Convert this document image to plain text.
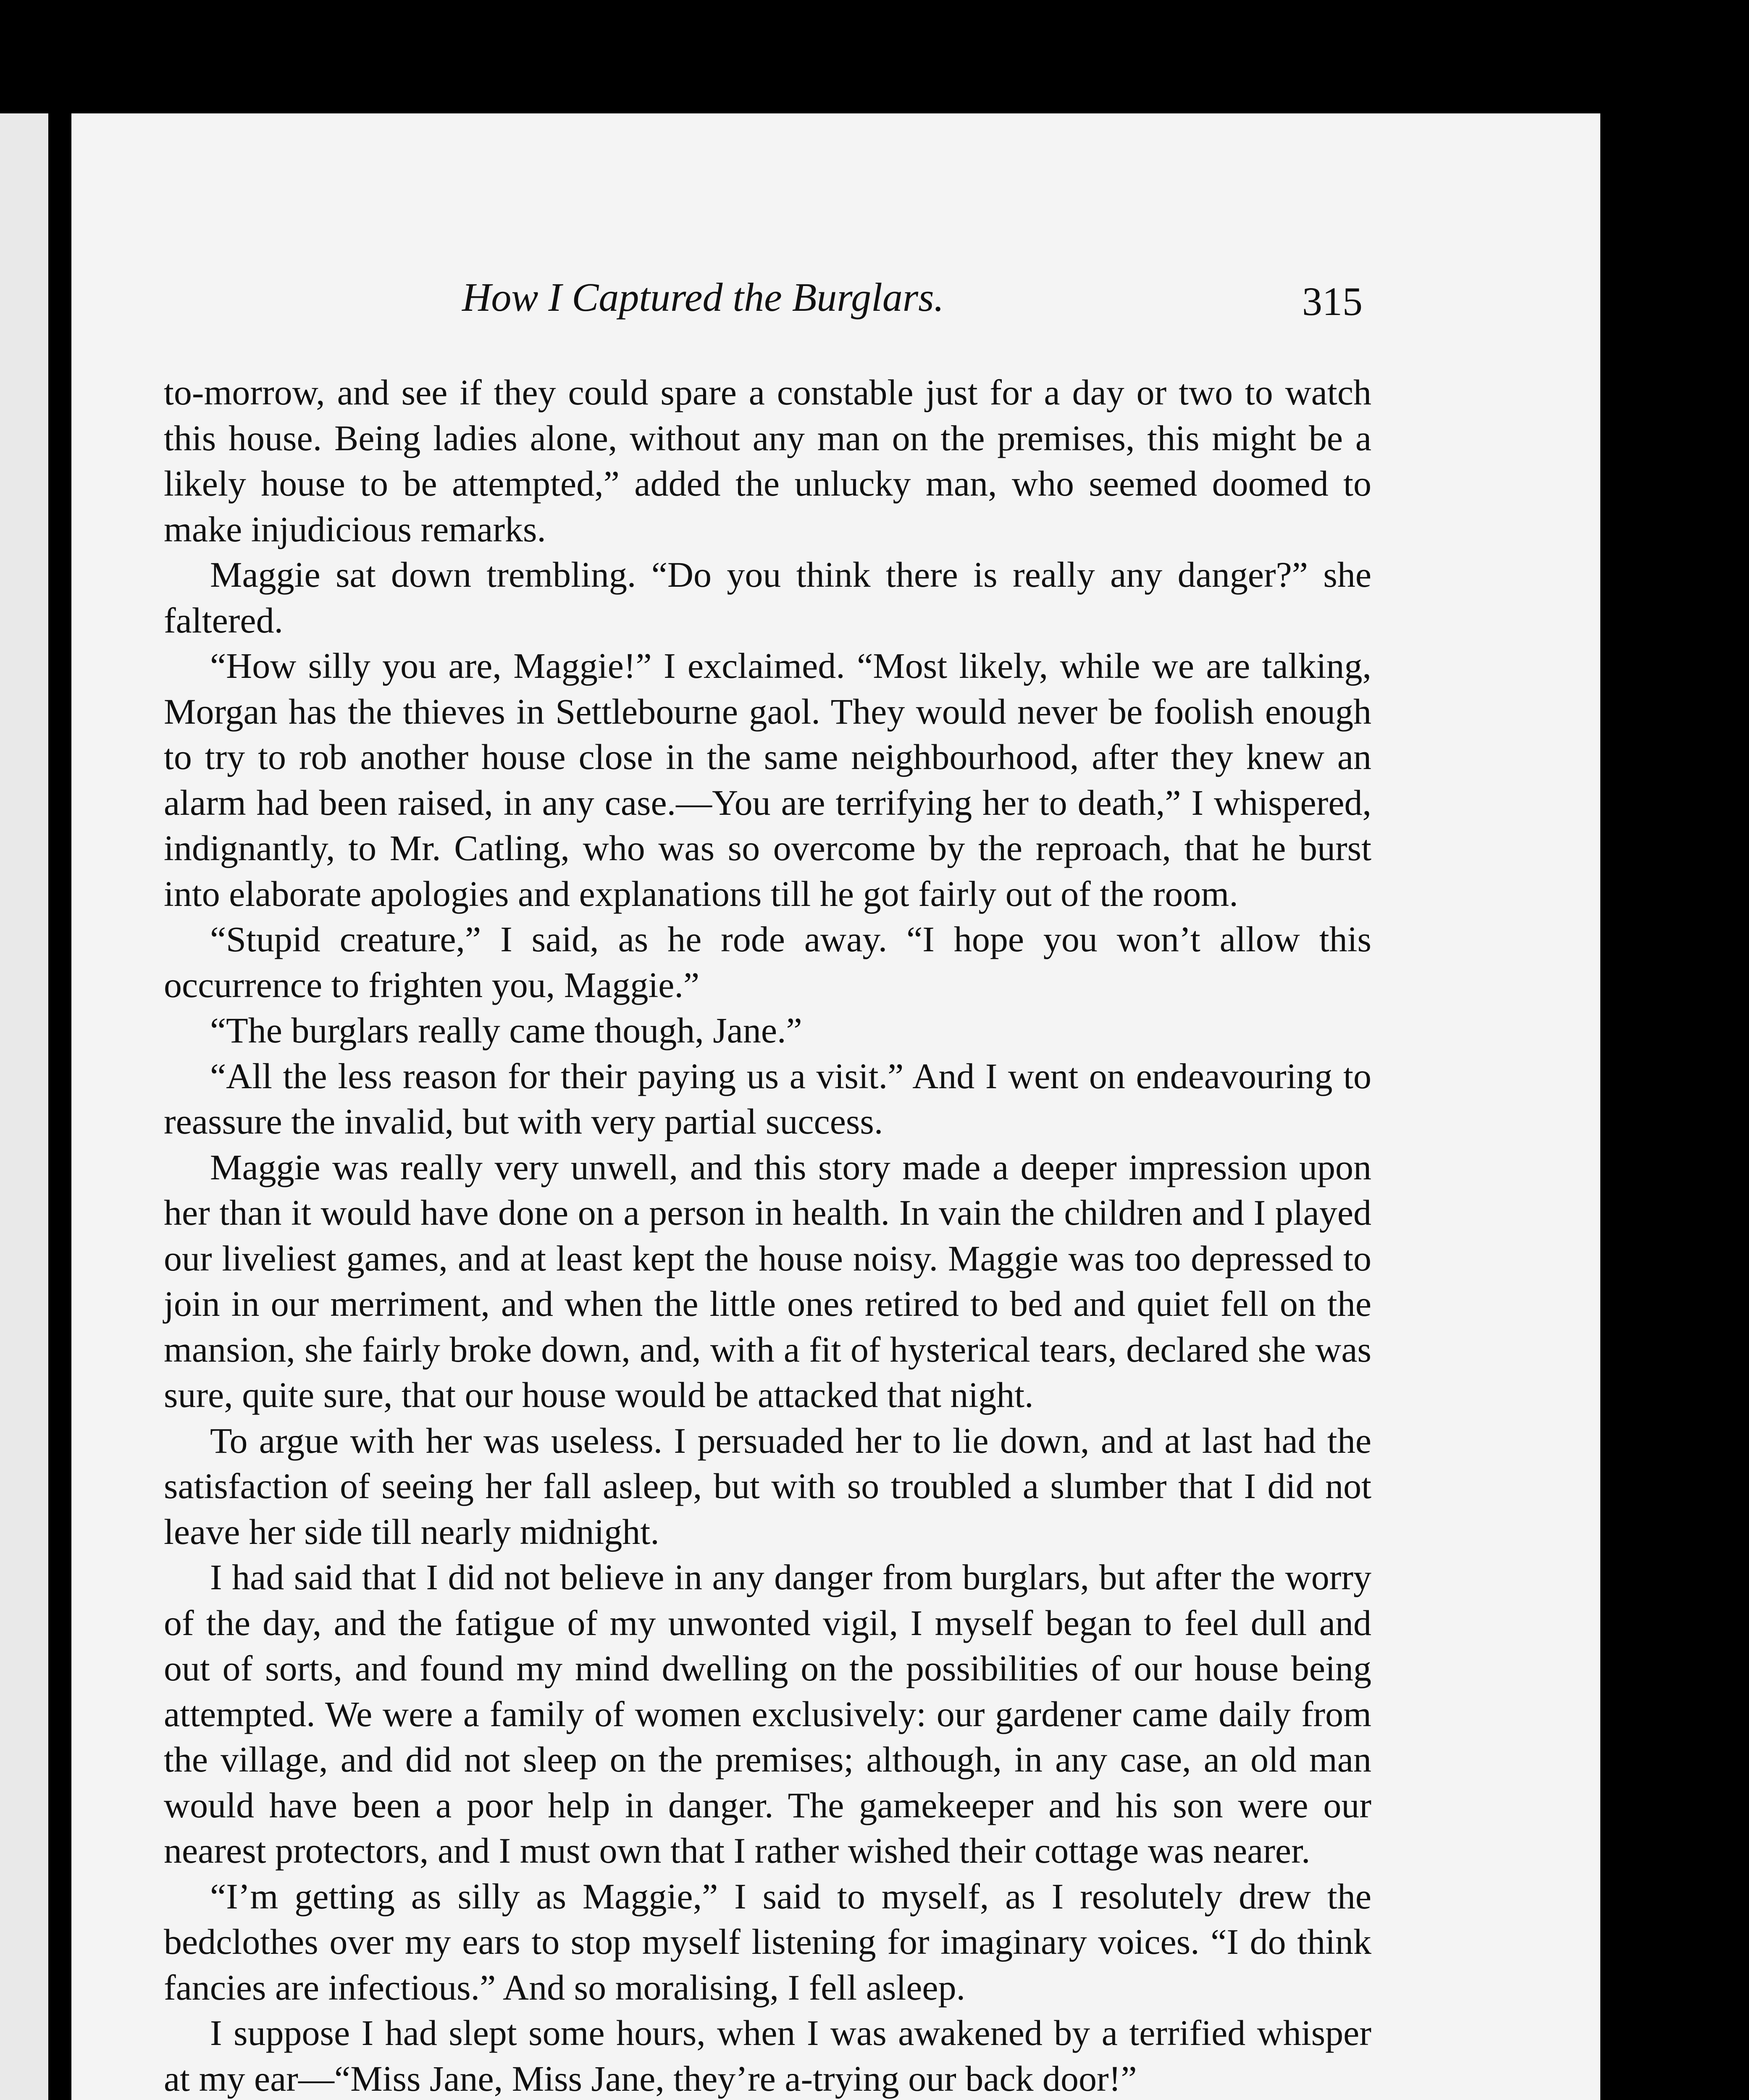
How I Captured the Burglars.	315

to-morrow, and see if they could spare a constable just for a day or two to watch this house. Being ladies alone, without any man on the premises, this might be a likely house to be attempted,” added the unlucky man, who seemed doomed to make injudicious remarks.

Maggie sat down trembling. “Do you think there is really any danger?” she faltered.

“How silly you are, Maggie!” I exclaimed. “Most likely, while we are talking, Morgan has the thieves in Settlebourne gaol. They would never be foolish enough to try to rob another house close in the same neighbourhood, after they knew an alarm had been raised, in any case.—You are terrifying her to death,” I whispered, indignantly, to Mr. Catling, who was so overcome by the reproach, that he burst into elaborate apologies and explanations till he got fairly out of the room.

“Stupid creature,” I said, as he rode away. “I hope you won’t allow this occurrence to frighten you, Maggie.”

“The burglars really came though, Jane.”

“All the less reason for their paying us a visit.” And I went on endeavouring to reassure the invalid, but with very partial success.

Maggie was really very unwell, and this story made a deeper impression upon her than it would have done on a person in health. In vain the children and I played our liveliest games, and at least kept the house noisy. Maggie was too depressed to join in our merriment, and when the little ones retired to bed and quiet fell on the mansion, she fairly broke down, and, with a fit of hysterical tears, declared she was sure, quite sure, that our house would be attacked that night.

To argue with her was useless. I persuaded her to lie down, and at last had the satisfaction of seeing her fall asleep, but with so troubled a slumber that I did not leave her side till nearly midnight.

I had said that I did not believe in any danger from burglars, but after the worry of the day, and the fatigue of my unwonted vigil, I myself began to feel dull and out of sorts, and found my mind dwelling on the possibilities of our house being attempted. We were a family of women exclusively: our gardener came daily from the village, and did not sleep on the premises; although, in any case, an old man would have been a poor help in danger. The gamekeeper and his son were our nearest protectors, and I must own that I rather wished their cottage was nearer.

“I’m getting as silly as Maggie,” I said to myself, as I resolutely drew the bedclothes over my ears to stop myself listening for imaginary voices. “I do think fancies are infectious.” And so moralising, I fell asleep.

I suppose I had slept some hours, when I was awakened by a terrified whisper at my ear—“Miss Jane, Miss Jane, they’re a-trying our back door!”
